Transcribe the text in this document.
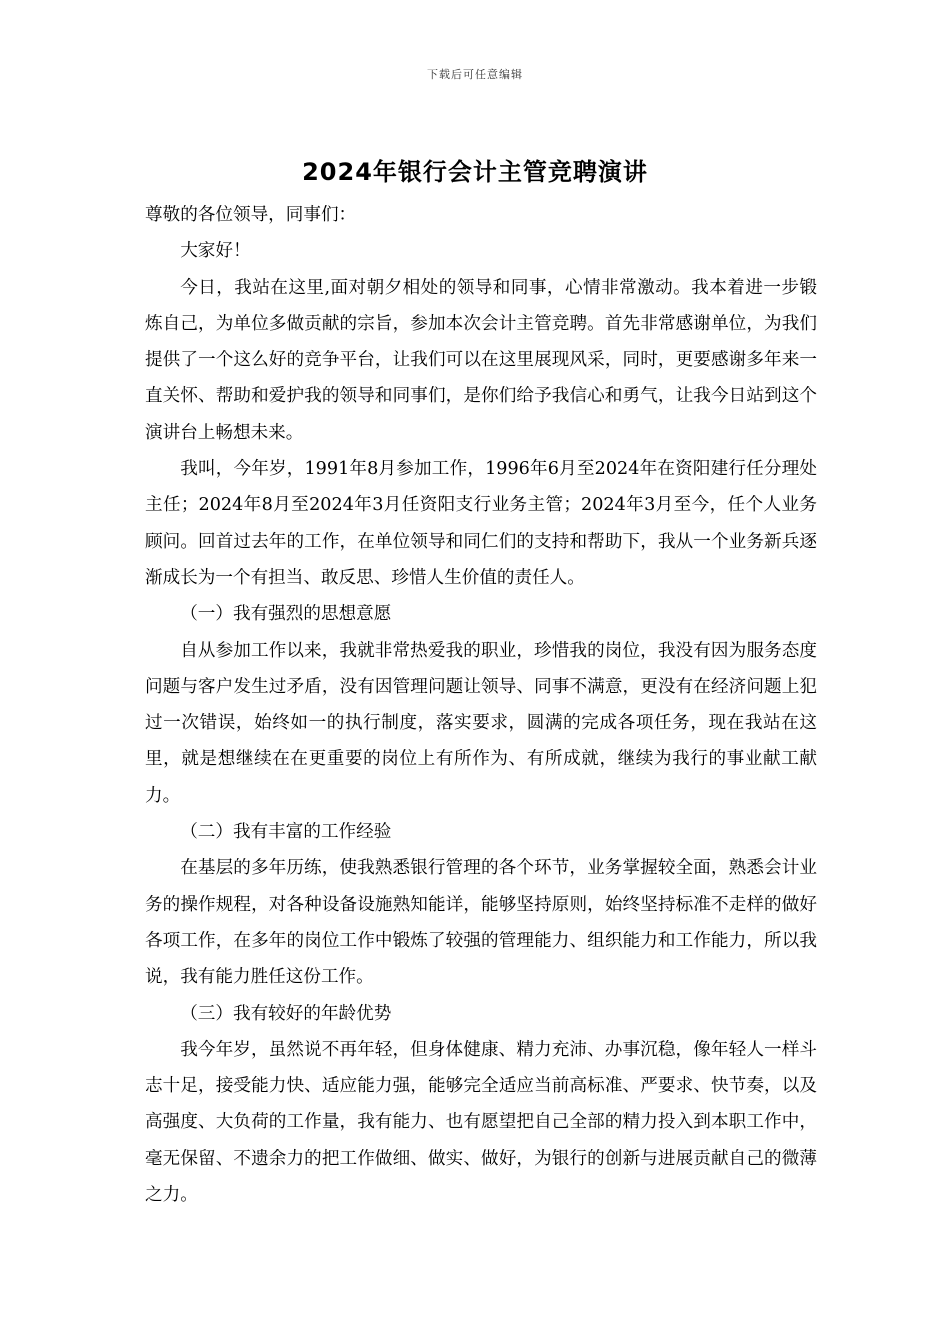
下载后可任意编辑
2024年银行会计主管竞聘演讲

尊敬的各位领导，同事们：

大家好！

今日，我站在这里,面对朝夕相处的领导和同事，心情非常激动。我本着进一步锻炼自己，为单位多做贡献的宗旨，参加本次会计主管竞聘。首先非常感谢单位，为我们提供了一个这么好的竞争平台，让我们可以在这里展现风采，同时，更要感谢多年来一直关怀、帮助和爱护我的领导和同事们，是你们给予我信心和勇气，让我今日站到这个演讲台上畅想未来。

我叫，今年岁，1991年8月参加工作，1996年6月至2024年在资阳建行任分理处主任；2024年8月至2024年3月任资阳支行业务主管；2024年3月至今，任个人业务顾问。回首过去年的工作，在单位领导和同仁们的支持和帮助下，我从一个业务新兵逐渐成长为一个有担当、敢反思、珍惜人生价值的责任人。

（一）我有强烈的思想意愿

自从参加工作以来，我就非常热爱我的职业，珍惜我的岗位，我没有因为服务态度问题与客户发生过矛盾，没有因管理问题让领导、同事不满意，更没有在经济问题上犯过一次错误，始终如一的执行制度，落实要求，圆满的完成各项任务，现在我站在这里，就是想继续在在更重要的岗位上有所作为、有所成就，继续为我行的事业献工献力。

（二）我有丰富的工作经验

在基层的多年历练，使我熟悉银行管理的各个环节，业务掌握较全面，熟悉会计业务的操作规程，对各种设备设施熟知能详，能够坚持原则，始终坚持标准不走样的做好各项工作，在多年的岗位工作中锻炼了较强的管理能力、组织能力和工作能力，所以我说，我有能力胜任这份工作。

（三）我有较好的年龄优势

我今年岁，虽然说不再年轻，但身体健康、精力充沛、办事沉稳，像年轻人一样斗志十足，接受能力快、适应能力强，能够完全适应当前高标准、严要求、快节奏，以及高强度、大负荷的工作量，我有能力、也有愿望把自己全部的精力投入到本职工作中，毫无保留、不遗余力的把工作做细、做实、做好，为银行的创新与进展贡献自己的微薄之力。
